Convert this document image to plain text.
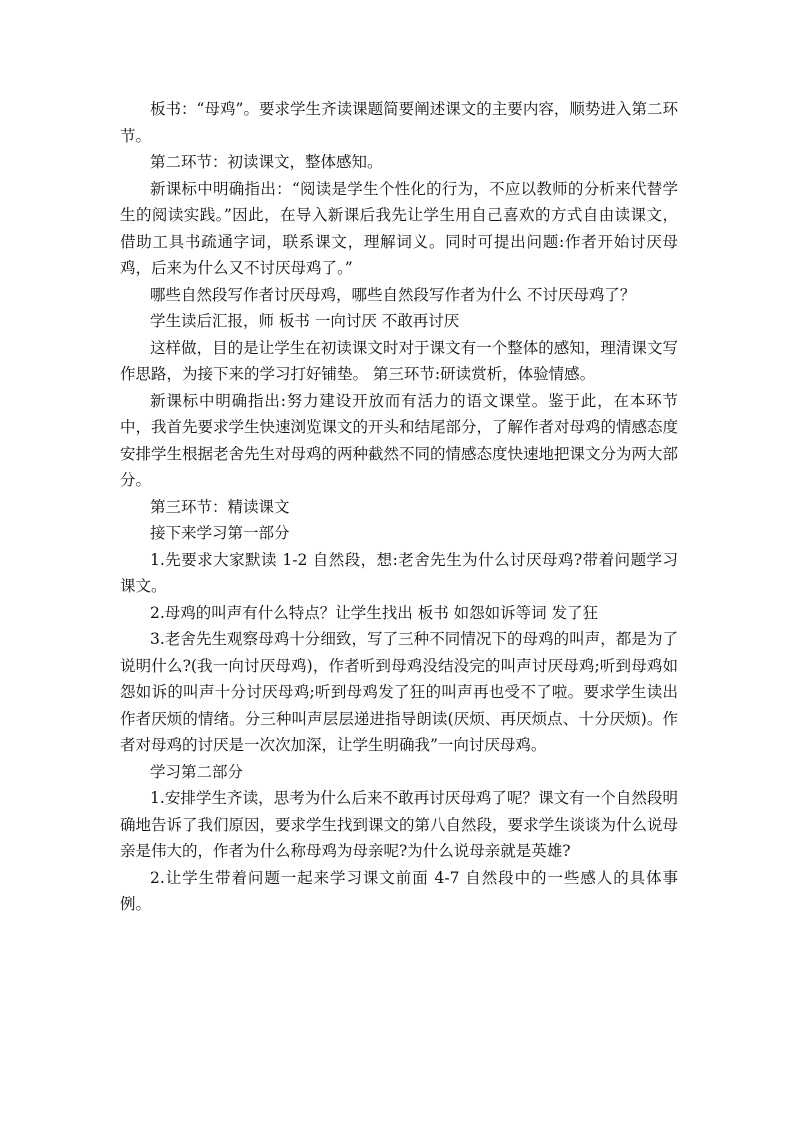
板书：“母鸡”。要求学生齐读课题简要阐述课文的主要内容，顺势进入第二环节。

第二环节：初读课文，整体感知。

新课标中明确指出：“阅读是学生个性化的行为，不应以教师的分析来代替学生的阅读实践。”因此，在导入新课后我先让学生用自己喜欢的方式自由读课文，借助工具书疏通字词，联系课文，理解词义。同时可提出问题:作者开始讨厌母鸡，后来为什么又不讨厌母鸡了。”

哪些自然段写作者讨厌母鸡，哪些自然段写作者为什么 不讨厌母鸡了？

学生读后汇报，师 板书 一向讨厌 不敢再讨厌

这样做，目的是让学生在初读课文时对于课文有一个整体的感知，理清课文写作思路，为接下来的学习打好铺垫。 第三环节:研读赏析，体验情感。

新课标中明确指出:努力建设开放而有活力的语文课堂。鉴于此，在本环节中，我首先要求学生快速浏览课文的开头和结尾部分，了解作者对母鸡的情感态度安排学生根据老舍先生对母鸡的两种截然不同的情感态度快速地把课文分为两大部分。

第三环节：精读课文

接下来学习第一部分

1.先要求大家默读 1-2 自然段，想:老舍先生为什么讨厌母鸡?带着问题学习课文。

2.母鸡的叫声有什么特点？让学生找出 板书 如怨如诉等词 发了狂

3.老舍先生观察母鸡十分细致，写了三种不同情况下的母鸡的叫声，都是为了说明什么?(我一向讨厌母鸡)，作者听到母鸡没结没完的叫声讨厌母鸡;听到母鸡如怨如诉的叫声十分讨厌母鸡;听到母鸡发了狂的叫声再也受不了啦。要求学生读出作者厌烦的情绪。分三种叫声层层递进指导朗读(厌烦、再厌烦点、十分厌烦)。作者对母鸡的讨厌是一次次加深，让学生明确我”一向讨厌母鸡。

学习第二部分

1.安排学生齐读，思考为什么后来不敢再讨厌母鸡了呢？课文有一个自然段明确地告诉了我们原因，要求学生找到课文的第八自然段，要求学生谈谈为什么说母亲是伟大的，作者为什么称母鸡为母亲呢?为什么说母亲就是英雄?

2.让学生带着问题一起来学习课文前面 4-7 自然段中的一些感人的具体事例。
